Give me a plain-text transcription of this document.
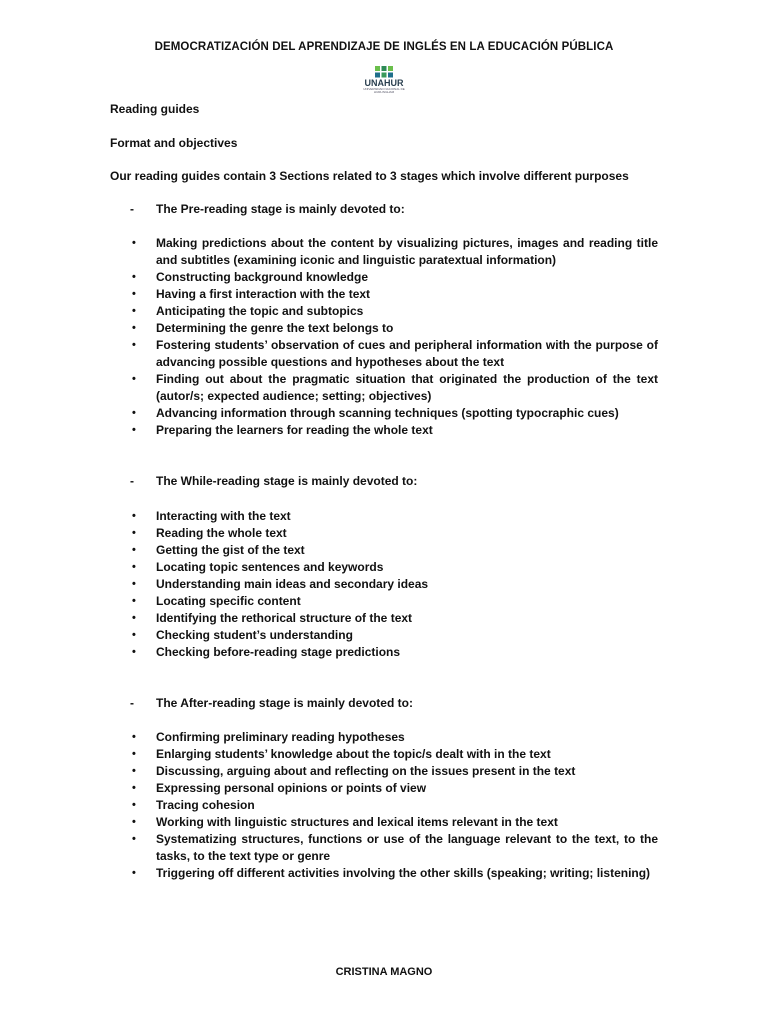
DEMOCRATIZACIÓN DEL APRENDIZAJE DE INGLÉS EN LA EDUCACIÓN PÚBLICA
UNAHUR
UNIVERSIDAD NACIONAL DE HURLINGHAM

Reading guides

Format and objectives

Our reading guides contain 3 Sections related to 3 stages which involve different purposes

- The Pre-reading stage is mainly devoted to:

• Making predictions about the content by visualizing pictures, images and reading title and subtitles (examining iconic and linguistic paratextual information)
• Constructing background knowledge
• Having a first interaction with the text
• Anticipating the topic and subtopics
• Determining the genre the text belongs to
• Fostering students’ observation of cues and peripheral information with the purpose of advancing possible questions and hypotheses about the text
• Finding out about the pragmatic situation that originated the production of the text (autor/s; expected audience; setting; objectives)
• Advancing information through scanning techniques (spotting typocraphic cues)
• Preparing the learners for reading the whole text

- The While-reading stage is mainly devoted to:

• Interacting with the text
• Reading the whole text
• Getting the gist of the text
• Locating topic sentences and keywords
• Understanding main ideas and secondary ideas
• Locating specific content
• Identifying the rethorical structure of the text
• Checking student’s understanding
• Checking before-reading stage predictions

- The After-reading stage is mainly devoted to:

• Confirming preliminary reading hypotheses
• Enlarging students’ knowledge about the topic/s dealt with in the text
• Discussing, arguing about and reflecting on the issues present in the text
• Expressing personal opinions or points of view
• Tracing cohesion
• Working with linguistic structures and lexical items relevant in the text
• Systematizing structures, functions or use of the language relevant to the text, to the tasks, to the text type or genre
• Triggering off different activities involving the other skills (speaking; writing; listening)
CRISTINA MAGNO
